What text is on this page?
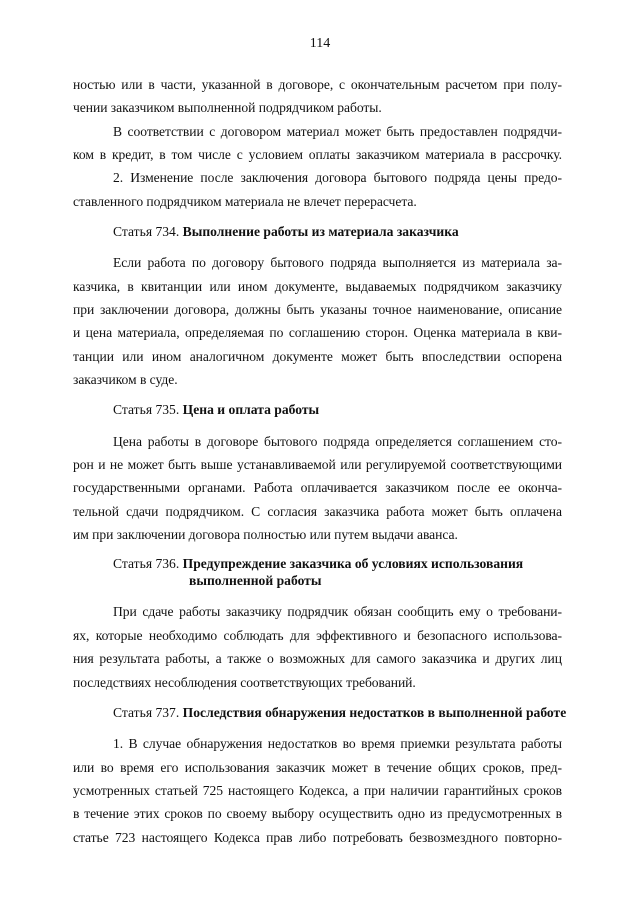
114
ностью или в части, указанной в договоре, с окончательным расчетом при полу-
чении заказчиком выполненной подрядчиком работы.
В соответствии с договором материал может быть предоставлен подрядчи-
ком в кредит, в том числе с условием оплаты заказчиком материала в рассрочку.
2. Изменение после заключения договора бытового подряда цены предо-
ставленного подрядчиком материала не влечет перерасчета.
Статья 734. Выполнение работы из материала заказчика
Если работа по договору бытового подряда выполняется из материала за-
казчика, в квитанции или ином документе, выдаваемых подрядчиком заказчику
при заключении договора, должны быть указаны точное наименование, описание
и цена материала, определяемая по соглашению сторон. Оценка материала в кви-
танции или ином аналогичном документе может быть впоследствии оспорена
заказчиком в суде.
Статья 735. Цена и оплата работы
Цена работы в договоре бытового подряда определяется соглашением сто-
рон и не может быть выше устанавливаемой или регулируемой соответствующими
государственными органами. Работа оплачивается заказчиком после ее оконча-
тельной сдачи подрядчиком. С согласия заказчика работа может быть оплачена
им при заключении договора полностью или путем выдачи аванса.
Статья 736. Предупреждение заказчика об условиях использования
выполненной работы
При сдаче работы заказчику подрядчик обязан сообщить ему о требовани-
ях, которые необходимо соблюдать для эффективного и безопасного использова-
ния результата работы, а также о возможных для самого заказчика и других лиц
последствиях несоблюдения соответствующих требований.
Статья 737. Последствия обнаружения недостатков в выполненной работе
1. В случае обнаружения недостатков во время приемки результата работы
или во время его использования заказчик может в течение общих сроков, пред-
усмотренных статьей 725 настоящего Кодекса, а при наличии гарантийных сроков
в течение этих сроков по своему выбору осуществить одно из предусмотренных в
статье 723 настоящего Кодекса прав либо потребовать безвозмездного повторно-
